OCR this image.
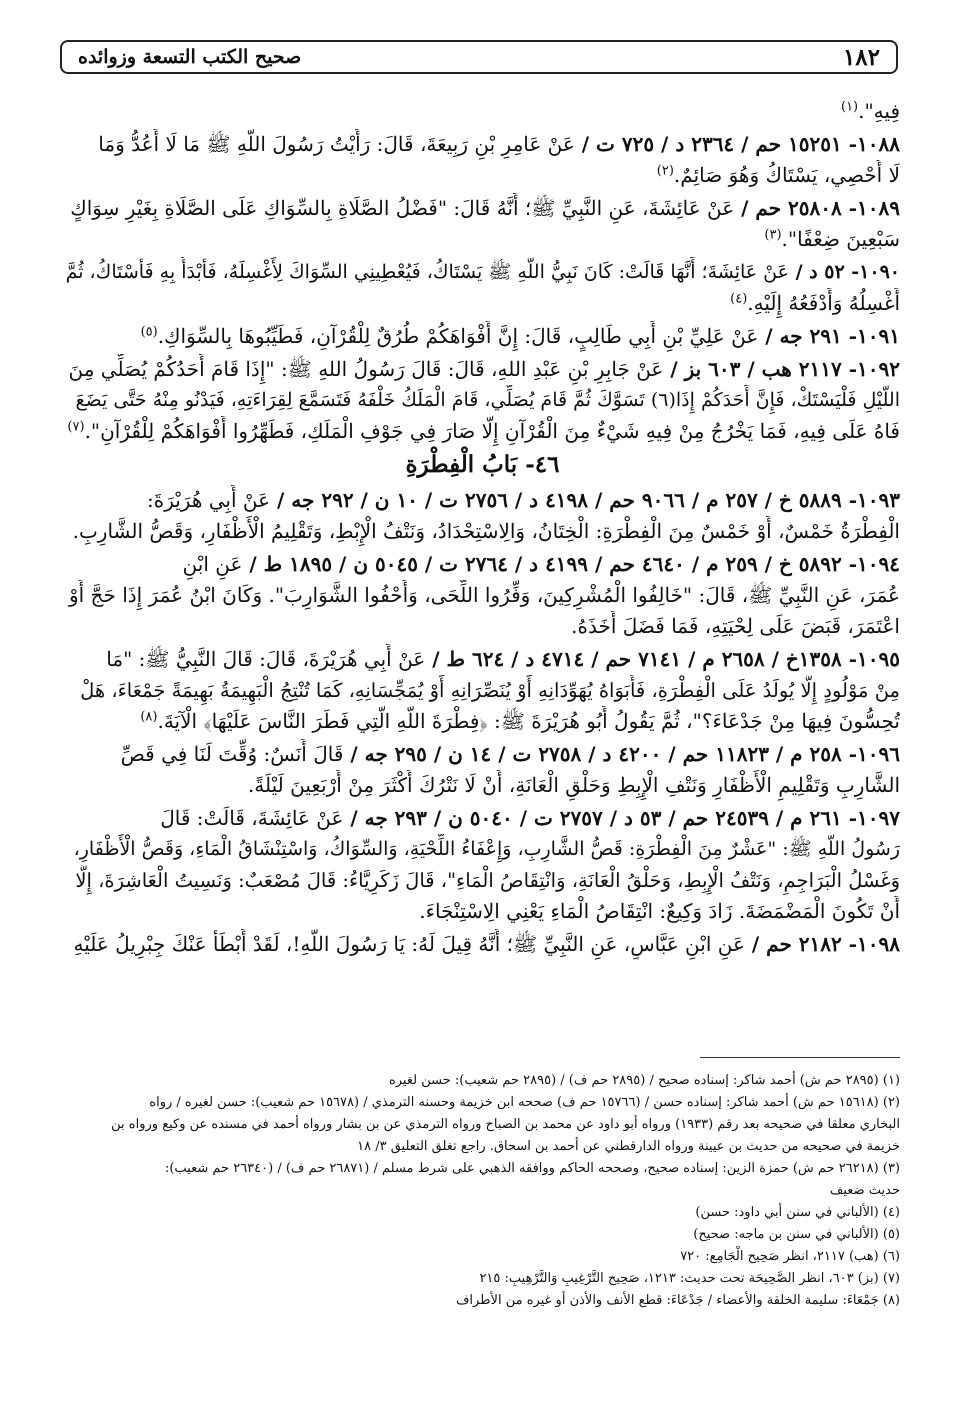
١٨٢
صحيح الكتب التسعة وزوائده
فِيهِ".$^{(١)}$
١٠٨٨- ١٥٢٥١ حم / ٢٣٦٤ د / ٧٢٥ ت / عَنْ عَامِرِ بْنِ رَبِيعَةَ، قَالَ: رَأَيْتُ رَسُولَ اللَّهِ ﷺ مَا لَا أَعُدُّ وَمَا
لَا أُحْصِي، يَسْتَاكُ وَهُوَ صَائِمٌ.$^{(٢)}$
١٠٨٩- ٢٥٨٠٨ حم / عَنْ عَائِشَةَ، عَنِ النَّبِيِّ ﷺ؛ أَنَّهُ قَالَ: "فَضْلُ الصَّلَاةِ بِالسِّوَاكِ عَلَى الصَّلَاةِ بِغَيْرِ سِوَاكٍ
سَبْعِينَ ضِعْفًا".$^{(٣)}$
١٠٩٠- ٥٢ د / عَنْ عَائِشَةَ؛ أَنَّهَا قَالَتْ: كَانَ نَبِيُّ اللَّهِ ﷺ يَسْتَاكُ، فَيُعْطِينِي السِّوَاكَ لِأَغْسِلَهُ، فَأَبْدَأُ بِهِ فَأَسْتَاكُ، ثُمَّ
أَغْسِلُهُ وَأَدْفَعُهُ إِلَيْهِ.$^{(٤)}$
١٠٩١- ٢٩١ جه / عَنْ عَلِيِّ بْنِ أَبِي طَالِبٍ، قَالَ: إِنَّ أَفْوَاهَكُمْ طُرُقٌ لِلْقُرْآنِ، فَطَيِّبُوهَا بِالسِّوَاكِ.$^{(٥)}$
١٠٩٢- ٢١١٧ هب / ٦٠٣ بز / عَنْ جَابِرِ بْنِ عَبْدِ اللهِ، قَالَ: قَالَ رَسُولُ اللهِ ﷺ: "إِذَا قَامَ أَحَدُكُمْ يُصَلِّي مِنَ
اللَّيْلِ فَلْيَسْتَكْ، فَإِنَّ أَحَدَكُمْ إِذَا(٦) تَسَوَّكَ ثُمَّ قَامَ يُصَلِّي، قَامَ الْمَلَكُ خَلْفَهُ فَتَسَمَّعَ لِقِرَاءَتِهِ، فَيَدْنُو مِنْهُ حَتَّى يَضَعَ
فَاهُ عَلَى فِيهِ، فَمَا يَخْرُجُ مِنْ فِيهِ شَيْءٌ مِنَ الْقُرْآنِ إِلَّا صَارَ فِي جَوْفِ الْمَلَكِ، فَطَهِّرُوا أَفْوَاهَكُمْ لِلْقُرْآنِ".$^{(٧)}$
٤٦- بَابُ الْفِطْرَةِ
١٠٩٣- ٥٨٨٩ خ / ٢٥٧ م / ٩٠٦٦ حم / ٤١٩٨ د / ٢٧٥٦ ت / ١٠ ن / ٢٩٢ جه / عَنْ أَبِي هُرَيْرَةَ:
الْفِطْرَةُ خَمْسٌ، أَوْ خَمْسٌ مِنَ الْفِطْرَةِ: الْخِتَانُ، وَالِاسْتِحْدَادُ، وَنَتْفُ الْإِبْطِ، وَتَقْلِيمُ الْأَظْفَارِ، وَقَصُّ الشَّارِبِ.
١٠٩٤- ٥٨٩٢ خ / ٢٥٩ م / ٤٦٤٠ حم / ٤١٩٩ د / ٢٧٦٤ ت / ٥٠٤٥ ن / ١٨٩٥ ط / عَنِ ابْنِ
عُمَرَ، عَنِ النَّبِيِّ ﷺ، قَالَ: "خَالِفُوا الْمُشْرِكِينَ، وَفِّرُوا اللِّحَى، وَأَحْفُوا الشَّوَارِبَ". وَكَانَ ابْنُ عُمَرَ إِذَا حَجَّ أَوْ
اعْتَمَرَ، قَبَضَ عَلَى لِحْيَتِهِ، فَمَا فَضَلَ أَخَذَهُ.
١٠٩٥- ١٣٥٨خ / ٢٦٥٨ م / ٧١٤١ حم / ٤٧١٤ د / ٦٢٤ ط / عَنْ أَبِي هُرَيْرَةَ، قَالَ: قَالَ النَّبِيُّ ﷺ: "مَا
مِنْ مَوْلُودٍ إِلَّا يُولَدُ عَلَى الْفِطْرَةِ، فَأَبَوَاهُ يُهَوِّدَانِهِ أَوْ يُنَصِّرَانِهِ أَوْ يُمَجِّسَانِهِ، كَمَا تُنْتِجُ الْبَهِيمَةُ بَهِيمَةً جَمْعَاءَ، هَلْ
تُحِسُّونَ فِيهَا مِنْ جَدْعَاءَ؟"، ثُمَّ يَقُولُ أَبُو هُرَيْرَةَ ﷺ: ﴿فِطْرَةَ اللَّهِ الَّتِي فَطَرَ النَّاسَ عَلَيْهَا﴾ الْآيَةَ.$^{(٨)}$
١٠٩٦- ٢٥٨ م / ١١٨٢٣ حم / ٤٢٠٠ د / ٢٧٥٨ ت / ١٤ ن / ٢٩٥ جه / قَالَ أَنَسٌ: وُقِّتَ لَنَا فِي قَصِّ
الشَّارِبِ وَتَقْلِيمِ الْأَظْفَارِ وَنَتْفِ الْإِبِطِ وَحَلْقِ الْعَانَةِ، أَنْ لَا نَتْرُكَ أَكْثَرَ مِنْ أَرْبَعِينَ لَيْلَةً.
١٠٩٧- ٢٦١ م / ٢٤٥٣٩ حم / ٥٣ د / ٢٧٥٧ ت / ٥٠٤٠ ن / ٢٩٣ جه / عَنْ عَائِشَةَ، قَالَتْ: قَالَ
رَسُولُ اللَّهِ ﷺ: "عَشْرٌ مِنَ الْفِطْرَةِ: قَصُّ الشَّارِبِ، وَإِعْفَاءُ اللِّحْيَةِ، وَالسِّوَاكُ، وَاسْتِنْشَاقُ الْمَاءِ، وَقَصُّ الْأَظْفَارِ،
وَغَسْلُ الْبَرَاجِمِ، وَنَتْفُ الْإِبِطِ، وَحَلْقُ الْعَانَةِ، وَانْتِقَاصُ الْمَاءِ"، قَالَ زَكَرِيَّاءُ: قَالَ مُصْعَبٌ: وَنَسِيتُ الْعَاشِرَةَ، إِلَّا
أَنْ تَكُونَ الْمَضْمَضَةَ. زَادَ وَكِيعٌ: انْتِقَاصُ الْمَاءِ يَعْنِي الِاسْتِنْجَاءَ.
١٠٩٨- ٢١٨٢ حم / عَنِ ابْنِ عَبَّاسٍ، عَنِ النَّبِيِّ ﷺ؛ أَنَّهُ قِيلَ لَهُ: يَا رَسُولَ اللَّهِ!، لَقَدْ أَبْطَأَ عَنْكَ جِبْرِيلُ عَلَيْهِ
(١) (٢٨٩٥ حم ش) أحمد شاكر: إسناده صحيح / (٢٨٩٥ حم ف) / (٢٨٩٥ حم شعيب): حسن لغيره
(٢) (١٥٦١٨ حم ش) أحمد شاكر: إسناده حسن / (١٥٧٦٦ حم ف) صححه ابن خزيمة وحسنه الترمذي / (١٥٦٧٨ حم شعيب): حسن لغيره / رواه
البخاري معلقا في صحيحه بعد رقم (١٩٣٣) ورواه أبو داود عن محمد بن الصباح ورواه الترمذي عن بن بشار ورواه أحمد في مسنده عن وكيع ورواه بن
خزيمة في صحيحه من حديث بن عيينة ورواه الدارقطني عن أحمد بن اسحاق. راجع تغلق التعليق ٣/ ١٨
(٣) (٢٦٢١٨ حم ش) حمزة الزين: إسناده صحيح، وصححه الحاكم ووافقه الذهبي على شرط مسلم / (٢٦٨٧١ حم ف) / (٢٦٣٤٠ حم شعيب):
حديث ضعيف
(٤) (الألباني في سنن أبي داود: حسن)
(٥) (الألباني في سنن بن ماجه: صحيح)
(٦) (هب) ٢١١٧، انظر صَحِيح الْجَامِع: ٧٢٠
(٧) (بز) ٦٠٣، انظر الصَّحِيحَة تحت حديث: ١٢١٣، صَحِيح التَّرْغِيبِ وَالتَّرْهِيبِ: ٢١٥
(٨) جَمْعَاءَ: سليمة الخلقة والأعضاء / جَدْعَاءَ: قطع الأنف والأذن أو غيره من الأطراف
